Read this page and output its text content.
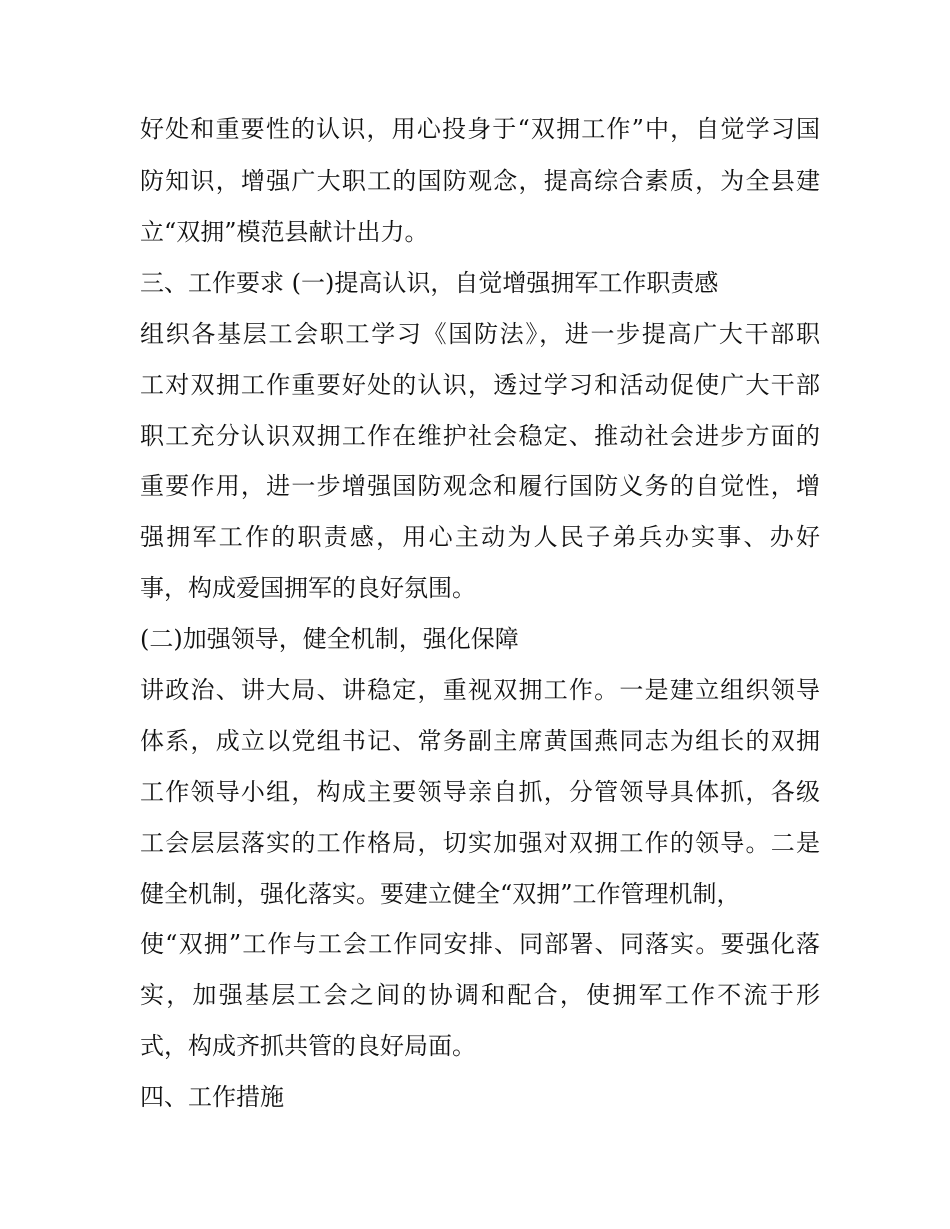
好处和重要性的认识，用心投身于“双拥工作”中，自觉学习国
防知识，增强广大职工的国防观念，提高综合素质，为全县建
立“双拥”模范县献计出力。
三、工作要求 (一)提高认识，自觉增强拥军工作职责感
组织各基层工会职工学习《国防法》，进一步提高广大干部职
工对双拥工作重要好处的认识，透过学习和活动促使广大干部
职工充分认识双拥工作在维护社会稳定、推动社会进步方面的
重要作用，进一步增强国防观念和履行国防义务的自觉性，增
强拥军工作的职责感，用心主动为人民子弟兵办实事、办好
事，构成爱国拥军的良好氛围。
(二)加强领导，健全机制，强化保障
讲政治、讲大局、讲稳定，重视双拥工作。一是建立组织领导
体系，成立以党组书记、常务副主席黄国燕同志为组长的双拥
工作领导小组，构成主要领导亲自抓，分管领导具体抓，各级
工会层层落实的工作格局，切实加强对双拥工作的领导。二是
健全机制，强化落实。要建立健全“双拥”工作管理机制，
使“双拥”工作与工会工作同安排、同部署、同落实。要强化落
实，加强基层工会之间的协调和配合，使拥军工作不流于形
式，构成齐抓共管的良好局面。
四、工作措施
